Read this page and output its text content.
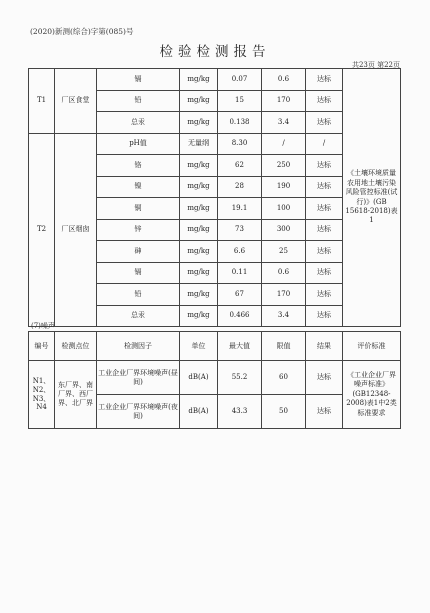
(2020)新测(综合)字第(085)号
检验检测报告
共23页 第22页
T1	厂区食堂	镉	mg/kg	0.07	0.6	达标	《土壤环境质量 农用地土壤污染 风险管控标准(试 行)》(GB 15618-2018)表1
		铅	mg/kg	15	170	达标	
		总汞	mg/kg	0.138	3.4	达标	
T2	厂区烟囱	pH值	无量纲	8.30	/	/	
		铬	mg/kg	62	250	达标	
		镍	mg/kg	28	190	达标	
		铜	mg/kg	19.1	100	达标	
		锌	mg/kg	73	300	达标	
		砷	mg/kg	6.6	25	达标	
		镉	mg/kg	0.11	0.6	达标	
		铅	mg/kg	67	170	达标	
		总汞	mg/kg	0.466	3.4	达标	
(7)噪声
编号	检测点位	检测因子	单位	最大值	限值	结果	评价标准
N1、N2、N3、N4	东厂界、南厂界、西厂界、北厂界	工业企业厂界环境噪声(昼间)	dB(A)	55.2	60	达标	《工业企业厂界噪声标准》(GB12348-2008)表1中2类标准要求
		工业企业厂界环境噪声(夜间)	dB(A)	43.3	50	达标	
